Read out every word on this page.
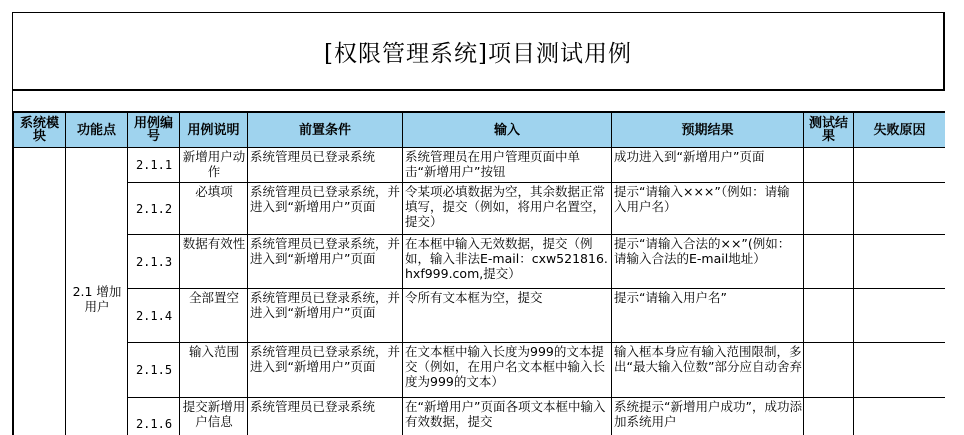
[权限管理系统]项目测试用例
系统模块	功能点	用例编号	用例说明	前置条件	输入	预期结果	测试结果	失败原因
	2.1 增加用户	2.1.1	新增用户动作	系统管理员已登录系统	系统管理员在用户管理页面中单击“新增用户”按钮	成功进入到“新增用户”页面		
		2.1.2	必填项	系统管理员已登录系统，并进入到“新增用户”页面	令某项必填数据为空，其余数据正常填写，提交（例如，将用户名置空，提交）	提示“请输入×××”（例如：请输入用户名）		
		2.1.3	数据有效性	系统管理员已登录系统，并进入到“新增用户”页面	在本框中输入无效数据，提交（例如，输入非法E-mail：cxw521816.hxf999.com,提交）	提示“请输入合法的××”(例如：请输入合法的E-mail地址）		
		2.1.4	全部置空	系统管理员已登录系统，并进入到“新增用户”页面	令所有文本框为空，提交	提示“请输入用户名”		
		2.1.5	输入范围	系统管理员已登录系统，并进入到“新增用户”页面	在文本框中输入长度为999的文本提交（例如，在用户名文本框中输入长度为999的文本）	输入框本身应有输入范围限制，多出“最大输入位数”部分应自动舍弃		
		2.1.6	提交新增用户信息	系统管理员已登录系统	在“新增用户”页面各项文本框中输入有效数据，提交	系统提示“新增用户成功”，成功添加系统用户		
